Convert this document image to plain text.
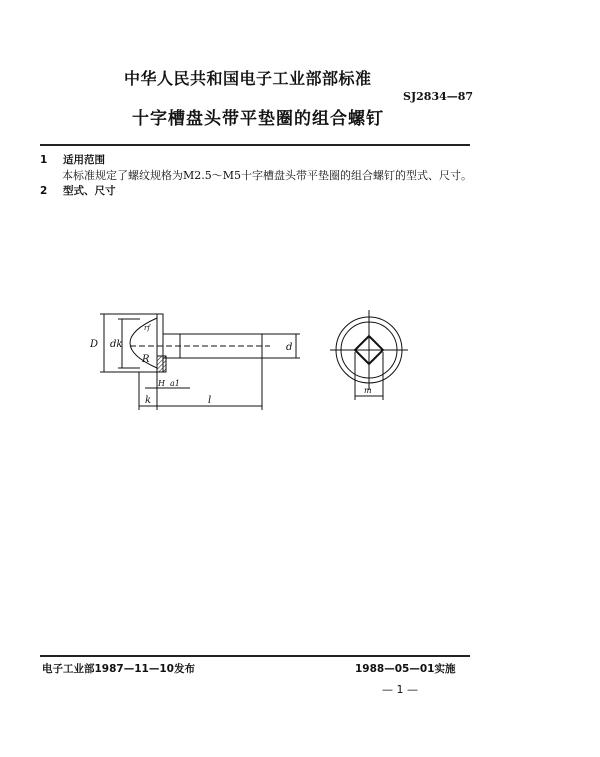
中华人民共和国电子工业部部标准
SJ2834—87
十字槽盘头带平垫圈的组合螺钉
1 适用范围
本标准规定了螺纹规格为M2.5～M5十字槽盘头带平垫圈的组合螺钉的型式、尺寸。
2 型式、尺寸
D dk
rf
R
H a1
d
k	l
m
电子工业部1987—11—10发布	1988—05—01实施
— 1 —
